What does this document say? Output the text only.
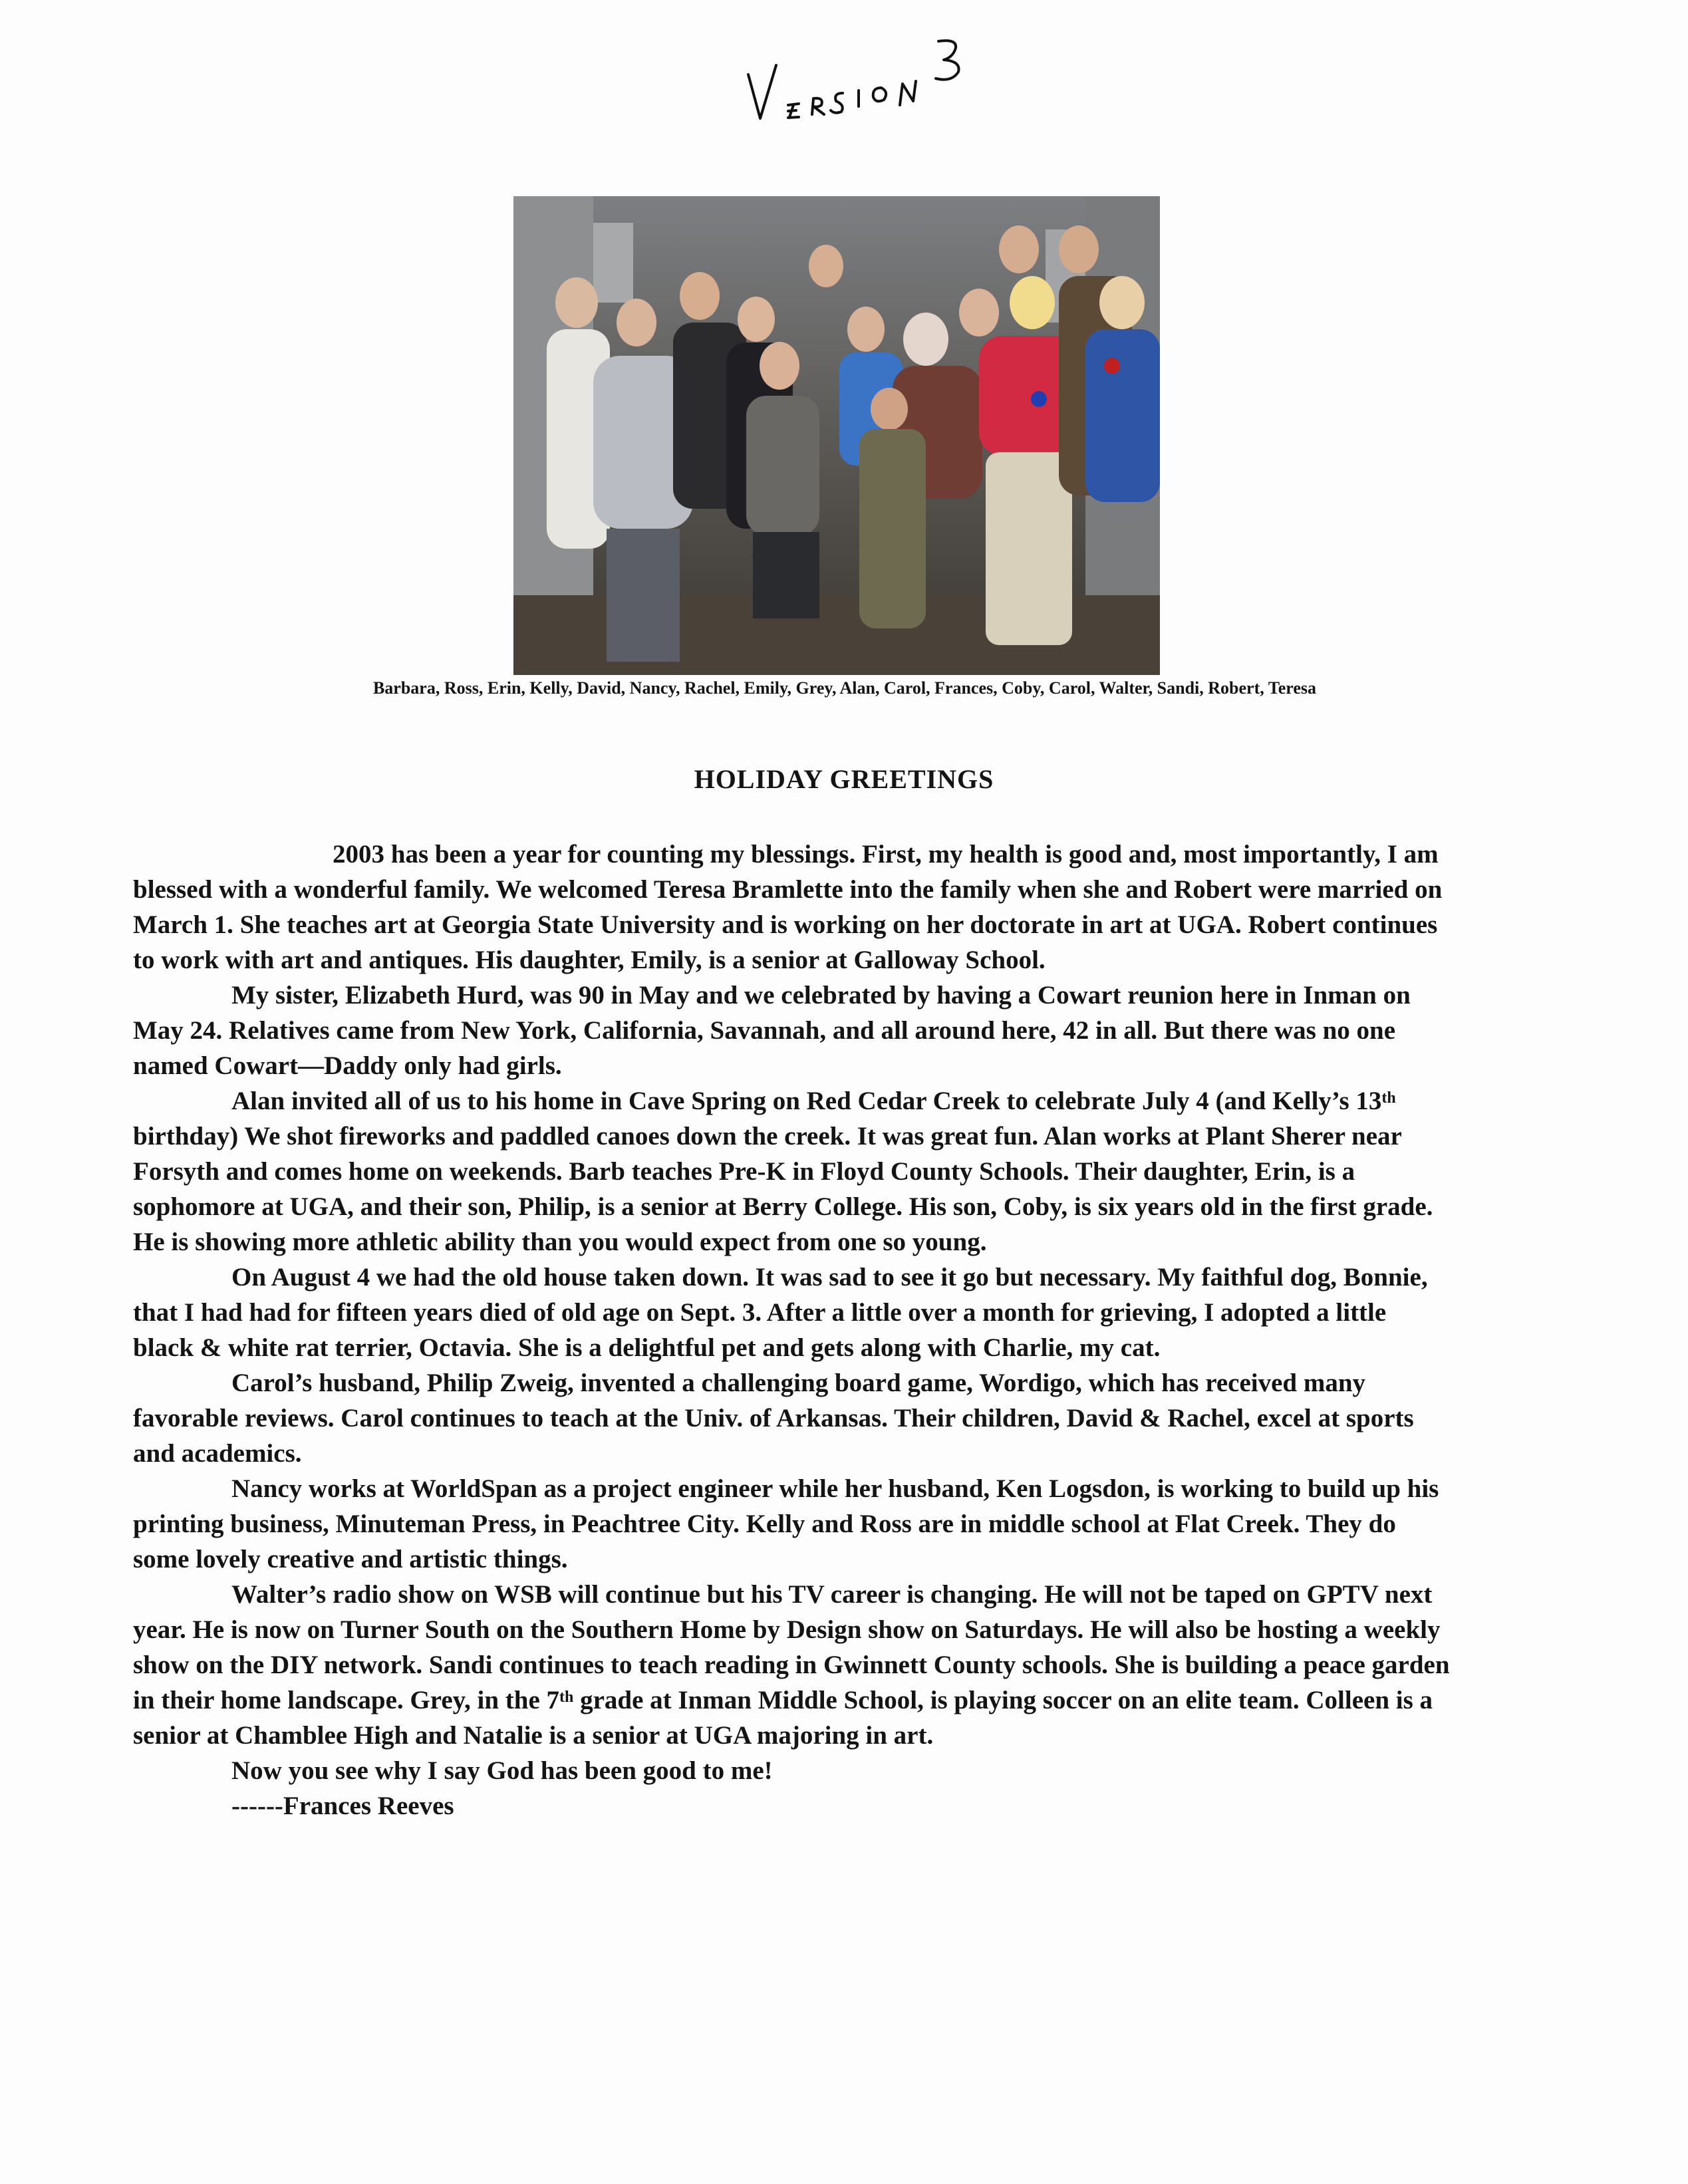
Barbara, Ross, Erin, Kelly, David, Nancy, Rachel, Emily, Grey, Alan, Carol, Frances, Coby, Carol, Walter, Sandi, Robert, Teresa
HOLIDAY GREETINGS

2003 has been a year for counting my blessings. First, my health is good and, most importantly, I am blessed with a wonderful family. We welcomed Teresa Bramlette into the family when she and Robert were married on March 1. She teaches art at Georgia State University and is working on her doctorate in art at UGA. Robert continues to work with art and antiques. His daughter, Emily, is a senior at Galloway School.

My sister, Elizabeth Hurd, was 90 in May and we celebrated by having a Cowart reunion here in Inman on May 24. Relatives came from New York, California, Savannah, and all around here, 42 in all. But there was no one named Cowart—Daddy only had girls.

Alan invited all of us to his home in Cave Spring on Red Cedar Creek to celebrate July 4 (and Kelly’s 13th birthday) We shot fireworks and paddled canoes down the creek. It was great fun. Alan works at Plant Sherer near Forsyth and comes home on weekends. Barb teaches Pre-K in Floyd County Schools. Their daughter, Erin, is a sophomore at UGA, and their son, Philip, is a senior at Berry College. His son, Coby, is six years old in the first grade. He is showing more athletic ability than you would expect from one so young.

On August 4 we had the old house taken down. It was sad to see it go but necessary. My faithful dog, Bonnie, that I had had for fifteen years died of old age on Sept. 3. After a little over a month for grieving, I adopted a little black & white rat terrier, Octavia. She is a delightful pet and gets along with Charlie, my cat.

Carol’s husband, Philip Zweig, invented a challenging board game, Wordigo, which has received many favorable reviews. Carol continues to teach at the Univ. of Arkansas. Their children, David & Rachel, excel at sports and academics.

Nancy works at WorldSpan as a project engineer while her husband, Ken Logsdon, is working to build up his printing business, Minuteman Press, in Peachtree City. Kelly and Ross are in middle school at Flat Creek. They do some lovely creative and artistic things.

Walter’s radio show on WSB will continue but his TV career is changing. He will not be taped on GPTV next year. He is now on Turner South on the Southern Home by Design show on Saturdays. He will also be hosting a weekly show on the DIY network. Sandi continues to teach reading in Gwinnett County schools. She is building a peace garden in their home landscape. Grey, in the 7th grade at Inman Middle School, is playing soccer on an elite team. Colleen is a senior at Chamblee High and Natalie is a senior at UGA majoring in art.

Now you see why I say God has been good to me!

------Frances Reeves
